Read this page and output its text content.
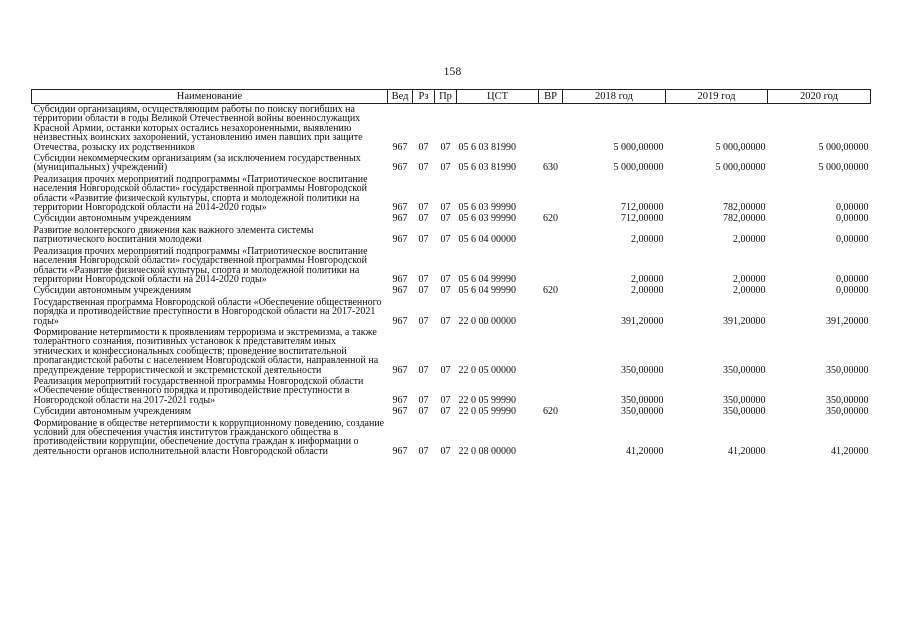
158
Наименование	Вед	Рз	Пр	ЦСТ	ВР	2018 год	2019 год	2020 год
Субсидии организациям, осуществляющим работы по поиску погибших на территории области в годы Великой Отечественной войны военнослужащих Красной Армии, останки которых остались незахороненными, выявлению неизвестных воинских захоронений, установлению имен павших при защите Отечества, розыску их родственников	967	07	07	05 6 03 81990		5 000,00000	5 000,00000	5 000,00000
Субсидии некоммерческим организациям (за исключением государственных (муниципальных) учреждений)	967	07	07	05 6 03 81990	630	5 000,00000	5 000,00000	5 000,00000
Реализация прочих мероприятий подпрограммы «Патриотическое воспитание населения Новгородской области» государственной программы Новгородской области «Развитие физической культуры, спорта и молодежной политики на территории Новгородской области на 2014-2020 годы»	967	07	07	05 6 03 99990		712,00000	782,00000	0,00000
Субсидии автономным учреждениям	967	07	07	05 6 03 99990	620	712,00000	782,00000	0,00000
Развитие волонтерского движения как важного элемента системы патриотического воспитания молодежи	967	07	07	05 6 04 00000		2,00000	2,00000	0,00000
Реализация прочих мероприятий подпрограммы «Патриотическое воспитание населения Новгородской области» государственной программы Новгородской области «Развитие физической культуры, спорта и молодежной политики на территории Новгородской области на 2014-2020 годы»	967	07	07	05 6 04 99990		2,00000	2,00000	0,00000
Субсидии автономным учреждениям	967	07	07	05 6 04 99990	620	2,00000	2,00000	0,00000
Государственная программа Новгородской области «Обеспечение общественного порядка и противодействие преступности в Новгородской области на 2017-2021 годы»	967	07	07	22 0 00 00000		391,20000	391,20000	391,20000
Формирование нетерпимости к проявлениям терроризма и экстремизма, а также толерантного сознания, позитивных установок к представителям иных этнических и конфессиональных сообществ; проведение воспитательной пропагандистской работы с населением Новгородской области, направленной на предупреждение террористической и экстремистской деятельности	967	07	07	22 0 05 00000		350,00000	350,00000	350,00000
Реализация мероприятий государственной программы Новгородской области «Обеспечение общественного порядка и противодействие преступности в Новгородской области на 2017-2021 годы»	967	07	07	22 0 05 99990		350,00000	350,00000	350,00000
Субсидии автономным учреждениям	967	07	07	22 0 05 99990	620	350,00000	350,00000	350,00000
Формирование в обществе нетерпимости к коррупционному поведению, создание условий для обеспечения участия институтов гражданского общества в противодействии коррупции, обеспечение доступа граждан к информации о деятельности органов исполнительной власти Новгородской области	967	07	07	22 0 08 00000		41,20000	41,20000	41,20000
